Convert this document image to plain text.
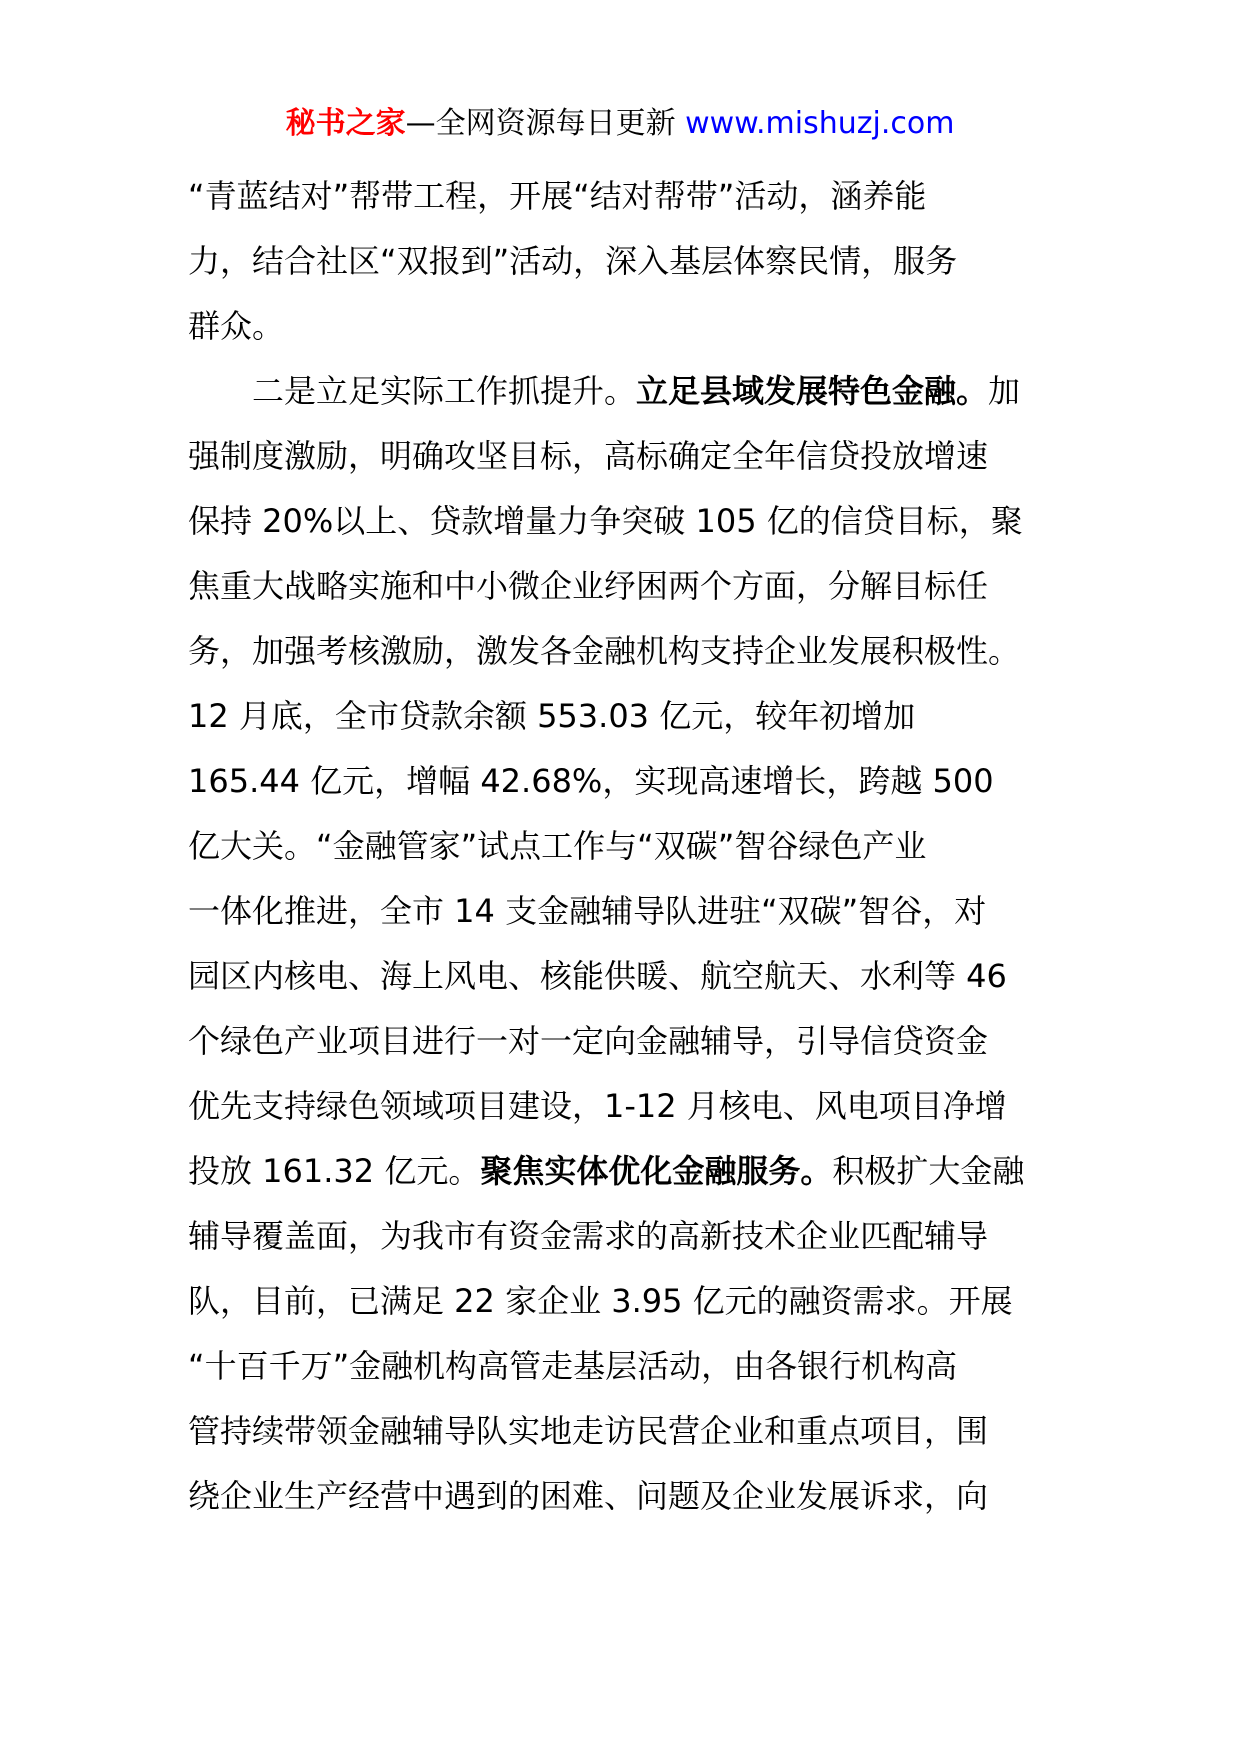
秘书之家—全网资源每日更新 www.mishuzj.com
“青蓝结对”帮带工程，开展“结对帮带”活动，涵养能
力，结合社区“双报到”活动，深入基层体察民情，服务
群众。
二是立足实际工作抓提升。立足县域发展特色金融。加
强制度激励，明确攻坚目标，高标确定全年信贷投放增速
保持 20%以上、贷款增量力争突破 105 亿的信贷目标，聚
焦重大战略实施和中小微企业纾困两个方面，分解目标任
务，加强考核激励，激发各金融机构支持企业发展积极性。
12 月底，全市贷款余额 553.03 亿元，较年初增加
165.44 亿元，增幅 42.68%，实现高速增长，跨越 500
亿大关。“金融管家”试点工作与“双碳”智谷绿色产业
一体化推进，全市 14 支金融辅导队进驻“双碳”智谷，对
园区内核电、海上风电、核能供暖、航空航天、水利等 46
个绿色产业项目进行一对一定向金融辅导，引导信贷资金
优先支持绿色领域项目建设，1-12 月核电、风电项目净增
投放 161.32 亿元。聚焦实体优化金融服务。积极扩大金融
辅导覆盖面，为我市有资金需求的高新技术企业匹配辅导
队，目前，已满足 22 家企业 3.95 亿元的融资需求。开展
“十百千万”金融机构高管走基层活动，由各银行机构高
管持续带领金融辅导队实地走访民营企业和重点项目，围
绕企业生产经营中遇到的困难、问题及企业发展诉求，向
